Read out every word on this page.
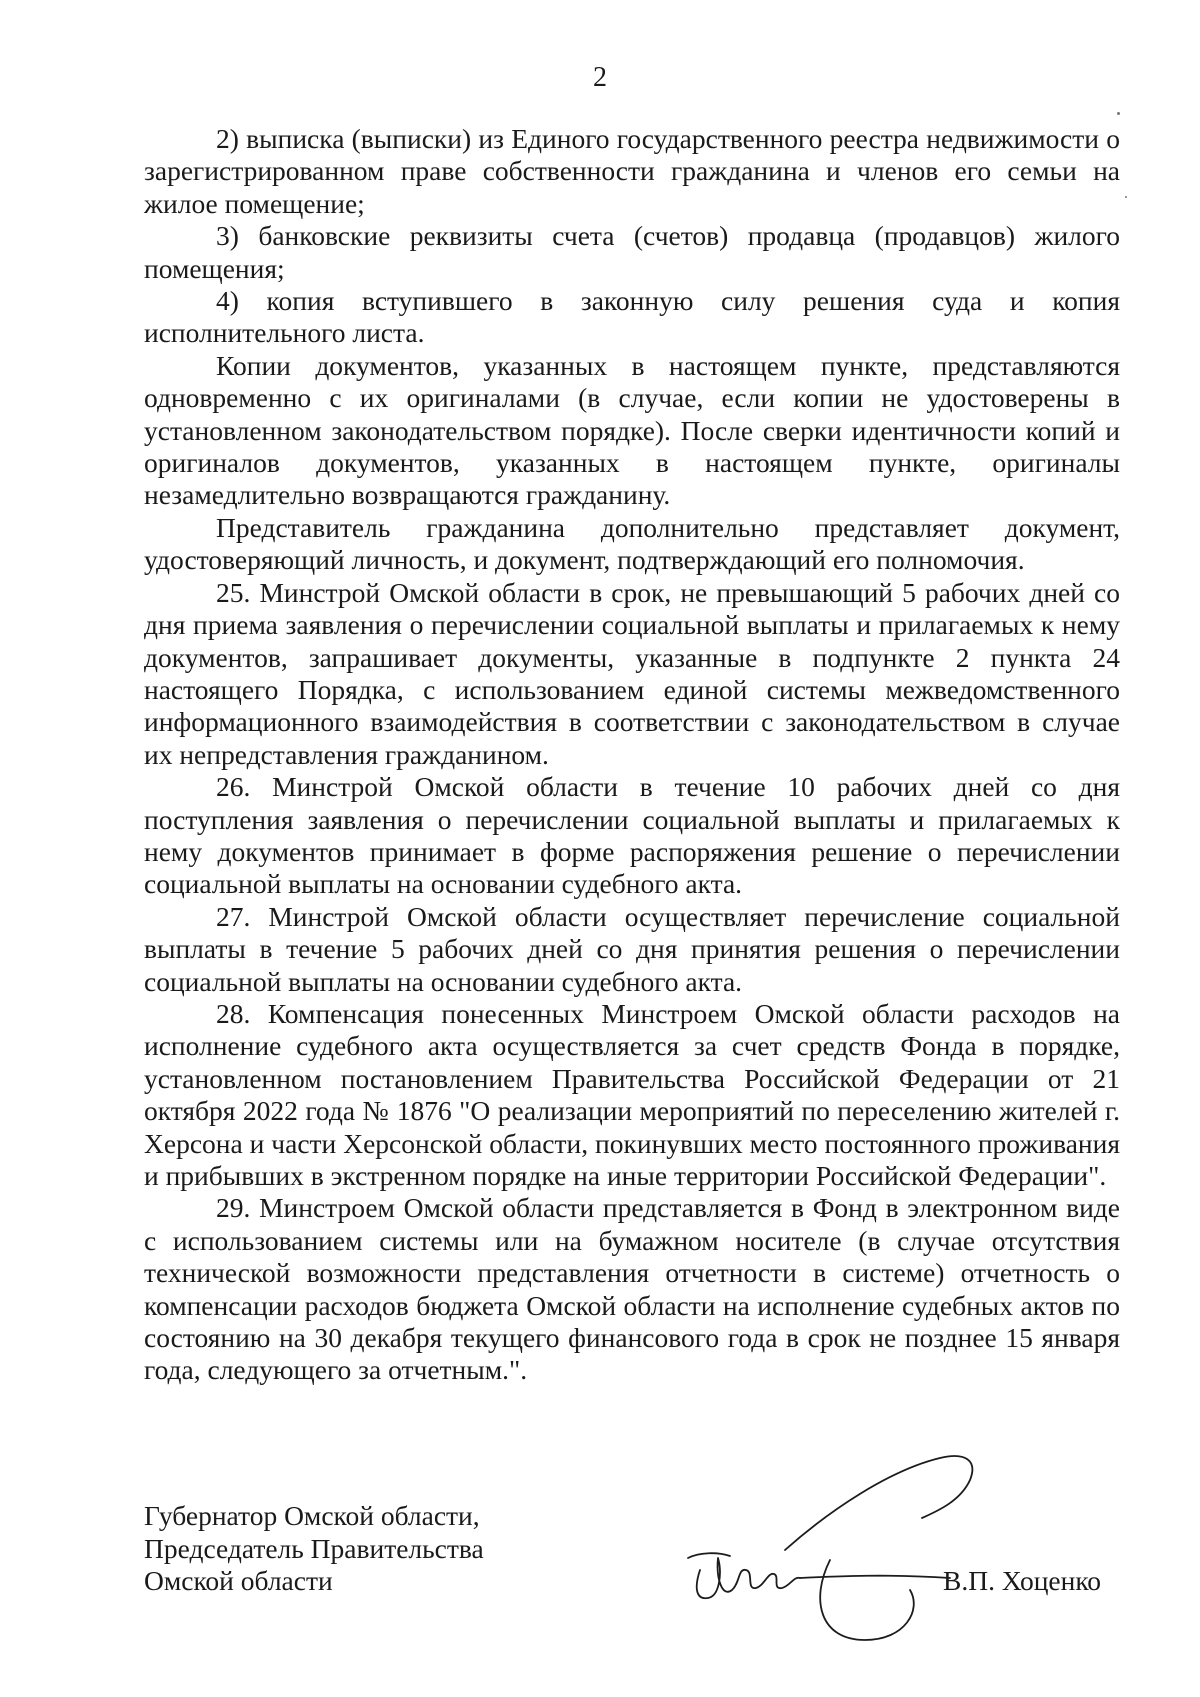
2

2) выписка (выписки) из Единого государственного реестра недвижимости о зарегистрированном праве собственности гражданина и членов его семьи на жилое помещение;

3) банковские реквизиты счета (счетов) продавца (продавцов) жилого помещения;

4) копия вступившего в законную силу решения суда и копия исполнительного листа.

Копии документов, указанных в настоящем пункте, представляются одновременно с их оригиналами (в случае, если копии не удостоверены в установленном законодательством порядке). После сверки идентичности копий и оригиналов документов, указанных в настоящем пункте, оригиналы незамедлительно возвращаются гражданину.

Представитель гражданина дополнительно представляет документ, удостоверяющий личность, и документ, подтверждающий его полномочия.

25. Минстрой Омской области в срок, не превышающий 5 рабочих дней со дня приема заявления о перечислении социальной выплаты и прилагаемых к нему документов, запрашивает документы, указанные в подпункте 2 пункта 24 настоящего Порядка, с использованием единой системы межведомственного информационного взаимодействия в соответствии с законодательством в случае их непредставления гражданином.

26. Минстрой Омской области в течение 10 рабочих дней со дня поступления заявления о перечислении социальной выплаты и прилагаемых к нему документов принимает в форме распоряжения решение о перечислении социальной выплаты на основании судебного акта.

27. Минстрой Омской области осуществляет перечисление социальной выплаты в течение 5 рабочих дней со дня принятия решения о перечислении социальной выплаты на основании судебного акта.

28. Компенсация понесенных Минстроем Омской области расходов на исполнение судебного акта осуществляется за счет средств Фонда в порядке, установленном постановлением Правительства Российской Федерации от 21 октября 2022 года № 1876 "О реализации мероприятий по переселению жителей г. Херсона и части Херсонской области, покинувших место постоянного проживания и прибывших в экстренном порядке на иные территории Российской Федерации".

29. Минстроем Омской области представляется в Фонд в электронном виде с использованием системы или на бумажном носителе (в случае отсутствия технической возможности представления отчетности в системе) отчетность о компенсации расходов бюджета Омской области на исполнение судебных актов по состоянию на 30 декабря текущего финансового года в срок не позднее 15 января года, следующего за отчетным.".

Губернатор Омской области,
Председатель Правительства
Омской области	В.П. Хоценко
